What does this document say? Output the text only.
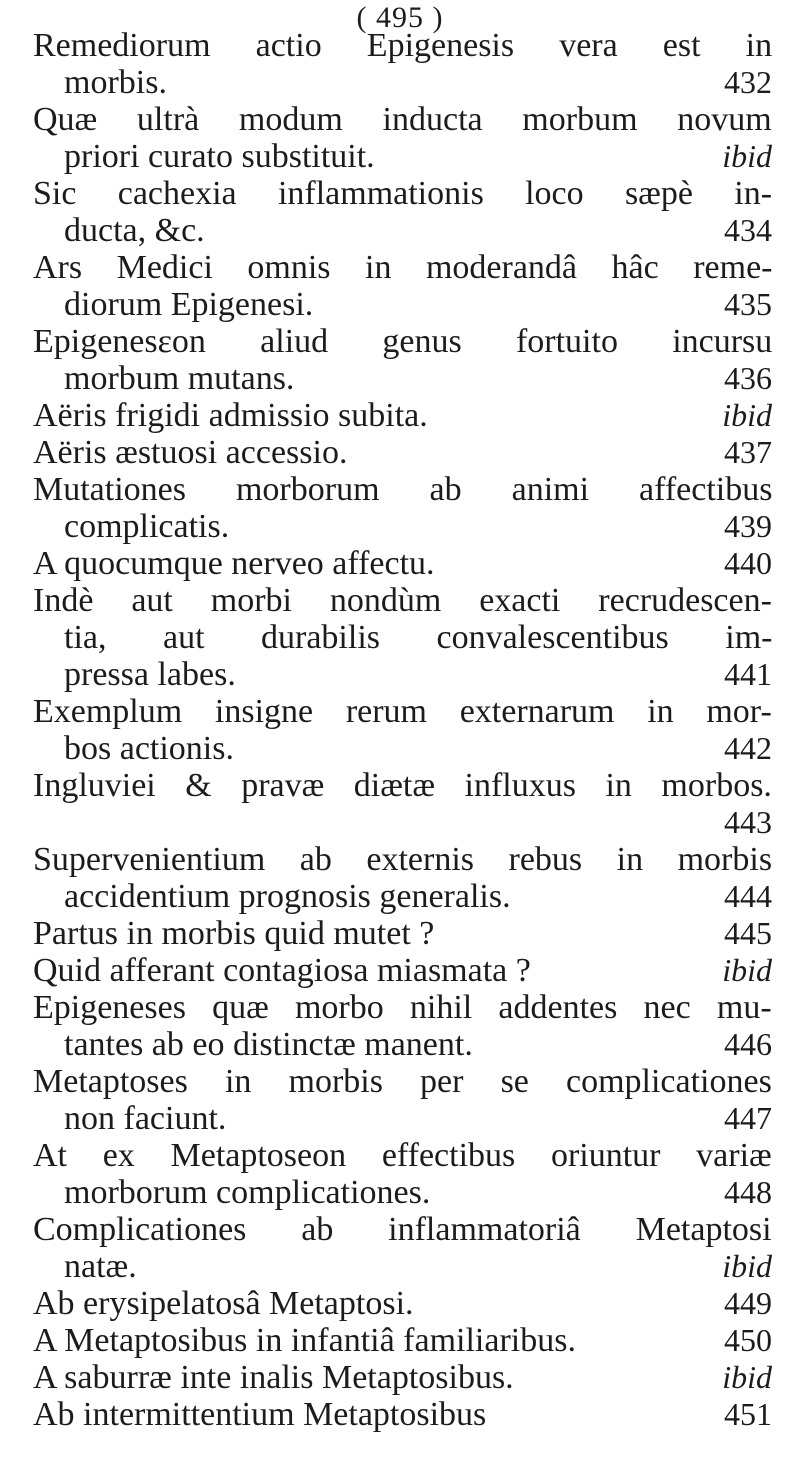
( 495 )
Remediorum actio Epigenesis vera est in
morbis.	432
Quæ ultrà modum inducta morbum novum
priori curato substituit.	ibid
Sic cachexia inflammationis loco sæpè in-
ducta, &c.	434
Ars Medici omnis in moderandâ hâc reme-
diorum Epigenesi.	435
Epigenesεon aliud genus fortuito incursu
morbum mutans.	436
Aëris frigidi admissio subita.	ibid
Aëris æstuosi accessio.	437
Mutationes morborum ab animi affectibus
complicatis.	439
A quocumque nerveo affectu.	440
Indè aut morbi nondùm exacti recrudescen-
tia, aut durabilis convalescentibus im-
pressa labes.	441
Exemplum insigne rerum externarum in mor-
bos actionis.	442
Ingluviei & pravæ diætæ influxus in morbos.
443
Supervenientium ab externis rebus in morbis
accidentium prognosis generalis.	444
Partus in morbis quid mutet ?	445
Quid afferant contagiosa miasmata ?	ibid
Epigeneses quæ morbo nihil addentes nec mu-
tantes ab eo distinctæ manent.	446
Metaptoses in morbis per se complicationes
non faciunt.	447
At ex Metaptoseon effectibus oriuntur variæ
morborum complicationes.	448
Complicationes ab inflammatoriâ Metaptosi
natæ.	ibid
Ab erysipelatosâ Metaptosi.	449
A Metaptosibus in infantiâ familiaribus.	450
A saburræ inte inalis Metaptosibus.	ibid
Ab intermittentium Metaptosibus	451
